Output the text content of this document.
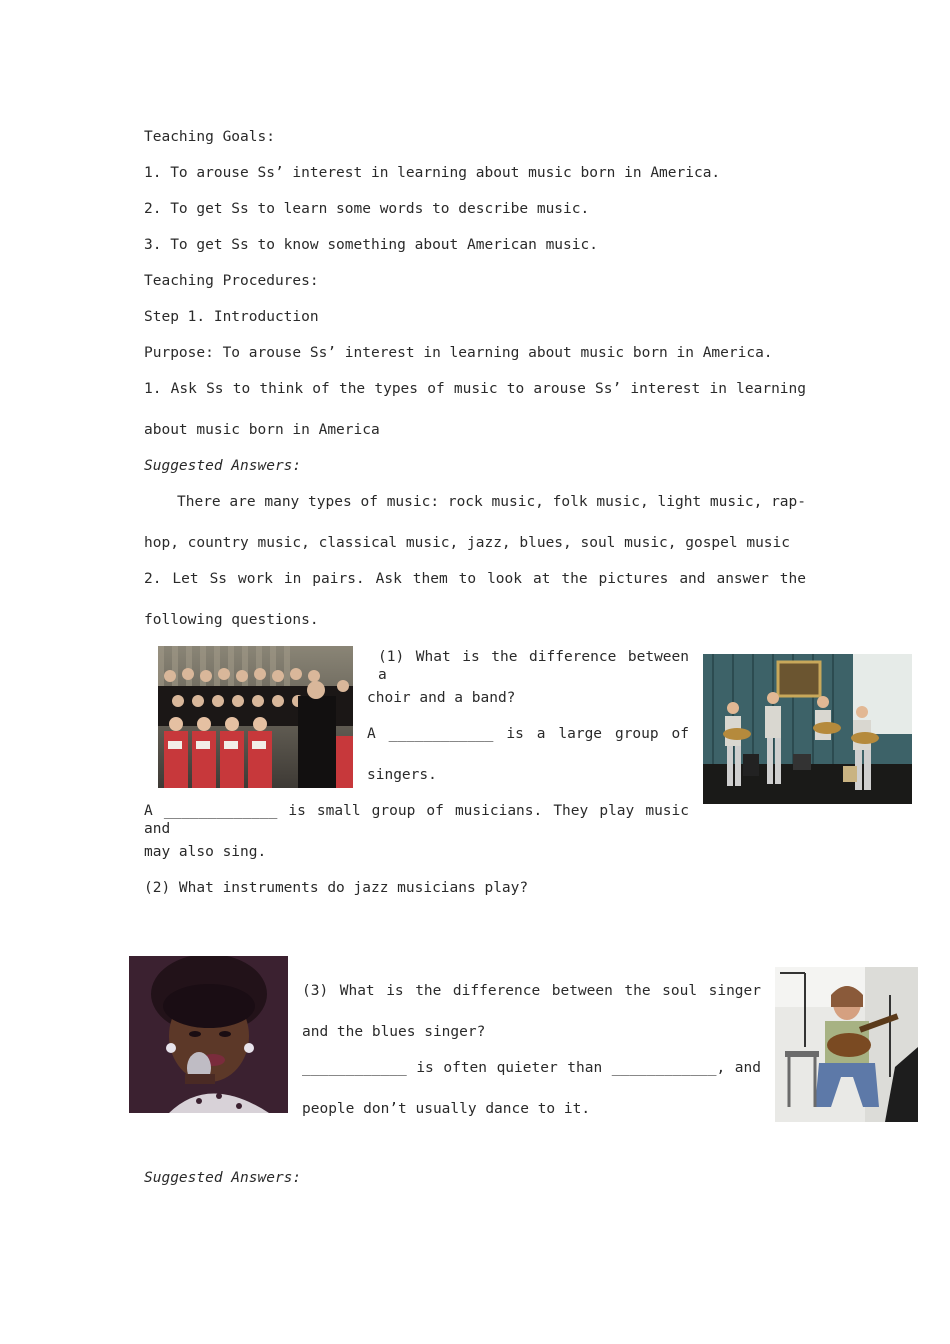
Teaching Goals:
1. To arouse Ss’ interest in learning about music born in America.
2. To get Ss to learn some words to describe music.
3. To get Ss to know something about American music.
Teaching Procedures:
Step 1. Introduction
Purpose: To arouse Ss’ interest in learning about music born in America.
1. Ask Ss to think of the types of music to arouse Ss’ interest in learning
about music born in America
Suggested Answers:
There are many types of music: rock music, folk music, light music, rap-
hop, country music, classical music, jazz, blues, soul music, gospel music
2. Let Ss work in pairs. Ask them to look at the pictures and answer the
following questions.
(1) What is the difference between a
choir and a band?
A ____________ is a large group of
singers.
A _____________ is small group of musicians. They play music and
may also sing.
(2) What instruments do jazz musicians play?
(3) What is the difference between the soul singer
and the blues singer?
____________ is often quieter than ____________, and
people don’t usually dance to it.
Suggested Answers:
